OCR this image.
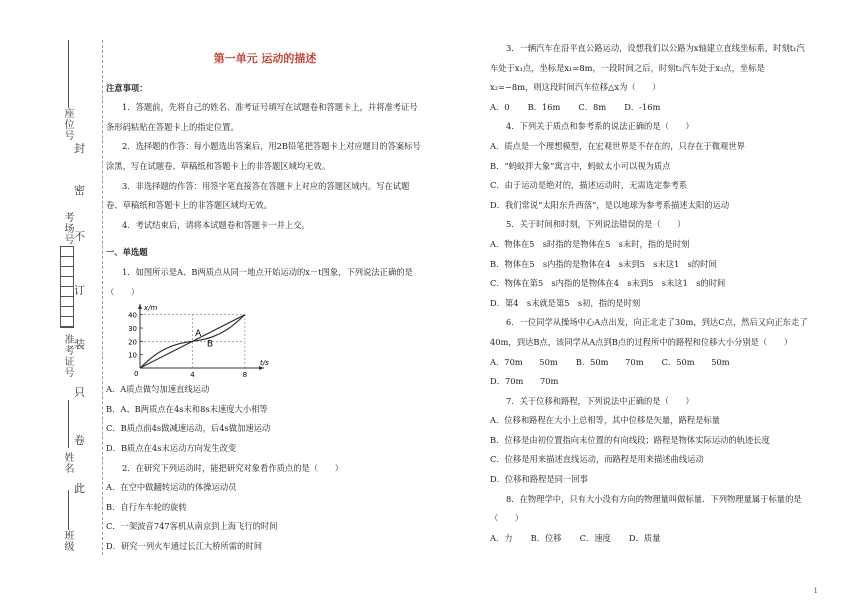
座位号
封
密
不
考场号
订
准考证号 装
只
卷
姓名
此
班级

第一单元 运动的描述

注意事项：

1．答题前，先将自己的姓名、准考证号填写在试题卷和答题卡上，并将准考证号条形码粘贴在答题卡上的指定位置。

2．选择题的作答：每小题选出答案后，用2B铅笔把答题卡上对应题目的答案标号涂黑，写在试题卷、草稿纸和答题卡上的非答题区域均无效。

3．非选择题的作答：用签字笔直接答在答题卡上对应的答题区域内。写在试题卷、草稿纸和答题卡上的非答题区域均无效。

4．考试结束后，请将本试题卷和答题卡一并上交。

一、单选题

1．如图所示是A、B两质点从同一地点开始运动的x－t图象，下列说法正确的是（　　）

x/m
t/s
0	4	8
10
20
30
40
A
B

A．A质点做匀加速直线运动

B．A、B两质点在4s末和8s末速度大小相等

C．B质点前4s做减速运动，后4s做加速运动

D．B质点在4s末运动方向发生改变

2．在研究下列运动时，能把研究对象看作质点的是（　　）

A．在空中做翻转运动的体操运动员

B．自行车车轮的旋转

C．一架波音747客机从南京到上海飞行的时间

D．研究一列火车通过长江大桥所需的时间

3．一辆汽车在沿平直公路运动，设想我们以公路为x轴建立直线坐标系，时刻t₁汽车处于x₁点，坐标是x₁=8m，一段时间之后，时刻t₂汽车处于x₂点，坐标是x₂=−8m，则这段时间汽车位移△x为（　　）

A．0 B．16m C．8m D．-16m

4．下列关于质点和参考系的说法正确的是（　　）

A．质点是一个理想模型，在宏观世界是不存在的，只存在于微观世界

B．“蚂蚁拌大象”寓言中，蚂蚁太小可以视为质点

C．由于运动是绝对的，描述运动时，无需选定参考系

D．我们常说“太阳东升西落”，是以地球为参考系描述太阳的运动

5．关于时间和时刻，下列说法错误的是（　　）

A．物体在5　s时指的是物体在5　s末时，指的是时刻

B．物体在5　s内指的是物体在4　s末到5　s末这1　s的时间

C．物体在第5　s内指的是物体在4　s末到5　s末这1　s的时间

D．第4　s末就是第5　s初，指的是时刻

6．一位同学从操场中心A点出发，向正北走了30m，到达C点，然后又向正东走了40m，到达B点，该同学从A点到B点的过程所中的路程和位移大小分别是（　　）

A．70m　　50m B．50m　　70m C．50m　　50mD．70m　　70m

7．关于位移和路程，下列说法中正确的是（　　）

A．位移和路程在大小上总相等，其中位移是矢量，路程是标量

B．位移是由初位置指向末位置的有向线段；路程是物体实际运动的轨迹长度

C．位移是用来描述直线运动，而路程是用来描述曲线运动

D．位移和路程是同一回事

8．在物理学中，只有大小没有方向的物理量叫做标量．下列物理量属于标量的是（　　）

A．力 B．位移 C．速度 D．质量

1
